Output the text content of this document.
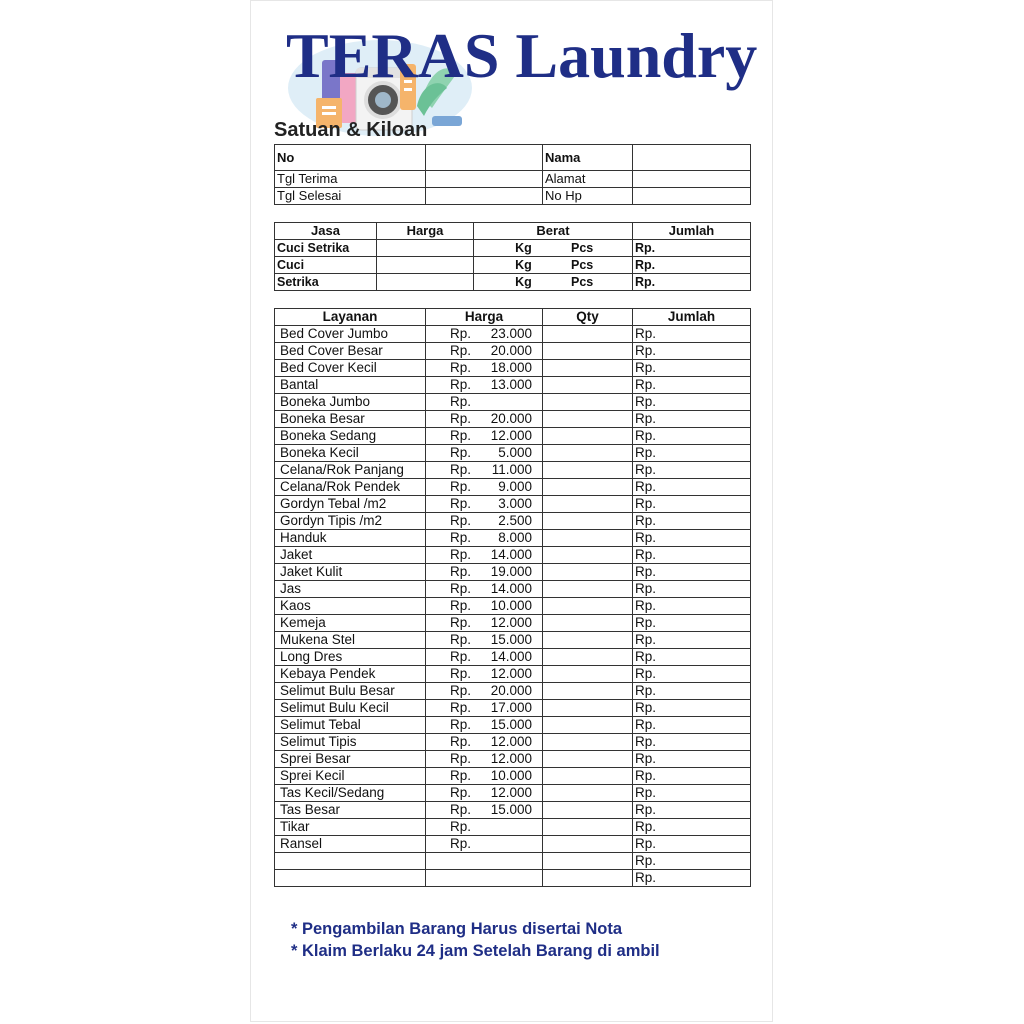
TERAS Laundry
Satuan & Kiloan
No		Nama	
Tgl Terima		Alamat	
Tgl Selesai		No Hp	
Jasa	Harga	Berat	Jumlah
Cuci Setrika		Kg Pcs	Rp.
Cuci		Kg Pcs	Rp.
Setrika		Kg Pcs	Rp.
Layanan	Harga	Qty	Jumlah
Bed Cover Jumbo	Rp. 23.000		Rp.
Bed Cover Besar	Rp. 20.000		Rp.
Bed Cover Kecil	Rp. 18.000		Rp.
Bantal	Rp. 13.000		Rp.
Boneka Jumbo	Rp.		Rp.
Boneka Besar	Rp. 20.000		Rp.
Boneka Sedang	Rp. 12.000		Rp.
Boneka Kecil	Rp. 5.000		Rp.
Celana/Rok Panjang	Rp. 11.000		Rp.
Celana/Rok Pendek	Rp. 9.000		Rp.
Gordyn Tebal /m2	Rp. 3.000		Rp.
Gordyn Tipis /m2	Rp. 2.500		Rp.
Handuk	Rp. 8.000		Rp.
Jaket	Rp. 14.000		Rp.
Jaket Kulit	Rp. 19.000		Rp.
Jas	Rp. 14.000		Rp.
Kaos	Rp. 10.000		Rp.
Kemeja	Rp. 12.000		Rp.
Mukena Stel	Rp. 15.000		Rp.
Long Dres	Rp. 14.000		Rp.
Kebaya Pendek	Rp. 12.000		Rp.
Selimut Bulu Besar	Rp. 20.000		Rp.
Selimut Bulu Kecil	Rp. 17.000		Rp.
Selimut Tebal	Rp. 15.000		Rp.
Selimut Tipis	Rp. 12.000		Rp.
Sprei Besar	Rp. 12.000		Rp.
Sprei Kecil	Rp. 10.000		Rp.
Tas Kecil/Sedang	Rp. 12.000		Rp.
Tas Besar	Rp. 15.000		Rp.
Tikar	Rp.		Rp.
Ransel	Rp.		Rp.
			Rp.
			Rp.
* Pengambilan Barang Harus disertai Nota
* Klaim Berlaku 24 jam Setelah Barang di ambil
